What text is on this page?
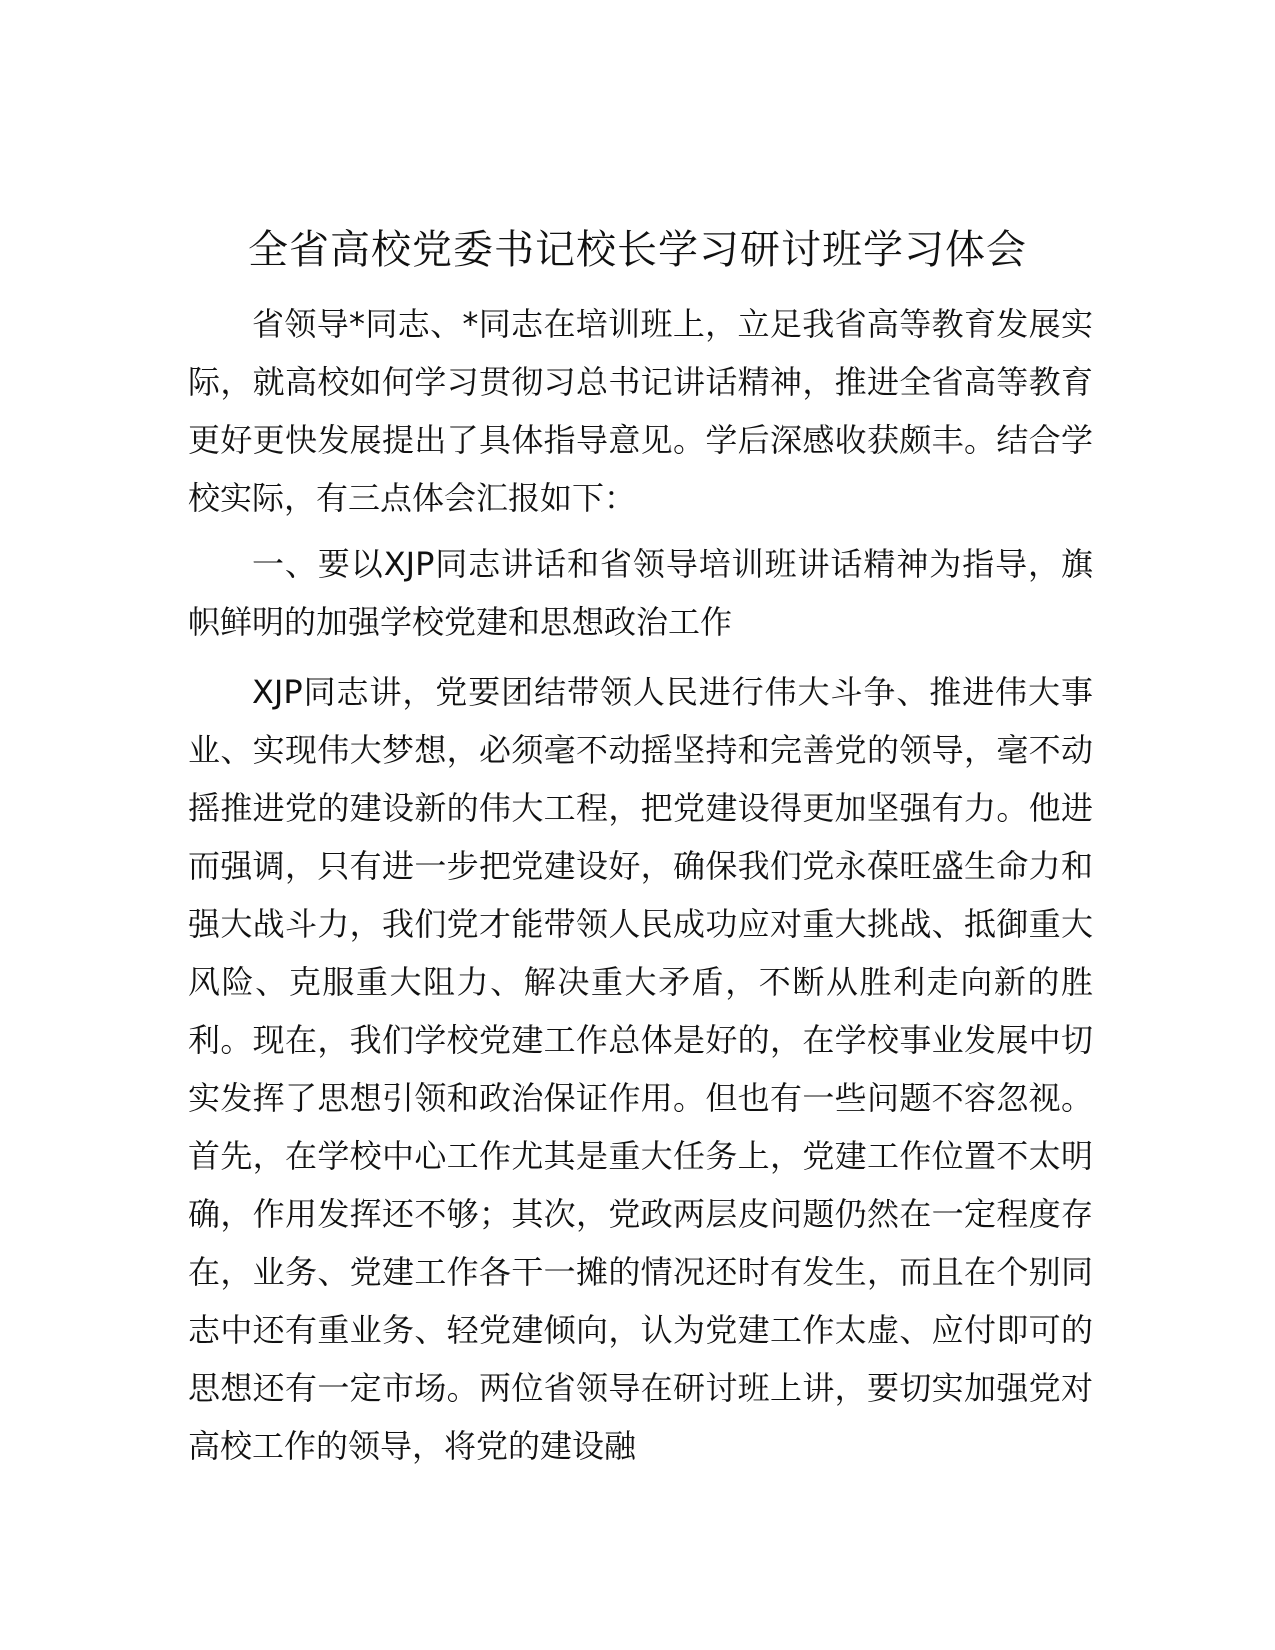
全省高校党委书记校长学习研讨班学习体会

省领导*同志、*同志在培训班上，立足我省高等教育发展实际，就高校如何学习贯彻习总书记讲话精神，推进全省高等教育更好更快发展提出了具体指导意见。学后深感收获颇丰。结合学校实际，有三点体会汇报如下：

一、要以XJP同志讲话和省领导培训班讲话精神为指导，旗帜鲜明的加强学校党建和思想政治工作

XJP同志讲，党要团结带领人民进行伟大斗争、推进伟大事业、实现伟大梦想，必须毫不动摇坚持和完善党的领导，毫不动摇推进党的建设新的伟大工程，把党建设得更加坚强有力。他进而强调，只有进一步把党建设好，确保我们党永葆旺盛生命力和强大战斗力，我们党才能带领人民成功应对重大挑战、抵御重大风险、克服重大阻力、解决重大矛盾，不断从胜利走向新的胜利。现在，我们学校党建工作总体是好的，在学校事业发展中切实发挥了思想引领和政治保证作用。但也有一些问题不容忽视。首先，在学校中心工作尤其是重大任务上，党建工作位置不太明确，作用发挥还不够；其次，党政两层皮问题仍然在一定程度存在，业务、党建工作各干一摊的情况还时有发生，而且在个别同志中还有重业务、轻党建倾向，认为党建工作太虚、应付即可的思想还有一定市场。两位省领导在研讨班上讲，要切实加强党对高校工作的领导，将党的建设融
